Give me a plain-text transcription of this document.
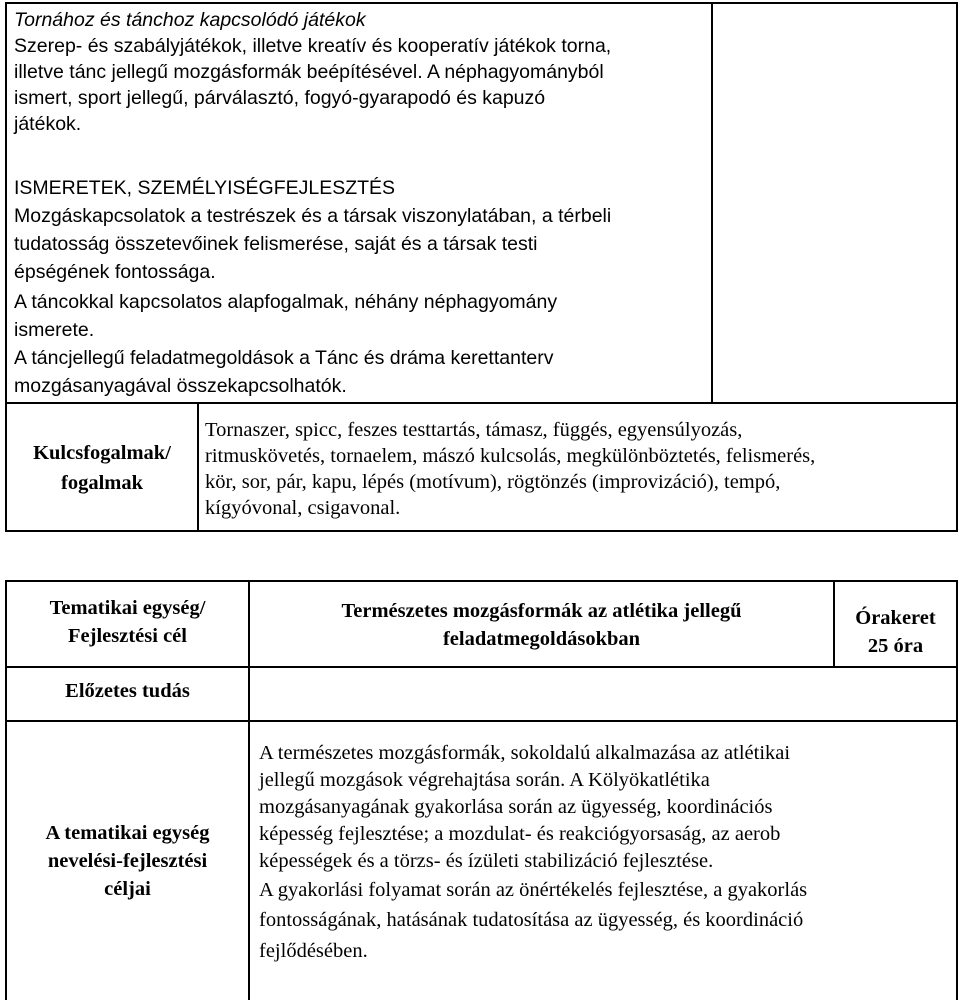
Tornához és tánchoz kapcsolódó játékok
Szerep- és szabályjátékok, illetve kreatív és kooperatív játékok torna,
illetve tánc jellegű mozgásformák beépítésével. A néphagyományból
ismert, sport jellegű, párválasztó, fogyó-gyarapodó és kapuzó
játékok.
ISMERETEK, SZEMÉLYISÉGFEJLESZTÉS
Mozgáskapcsolatok a testrészek és a társak viszonylatában, a térbeli
tudatosság összetevőinek felismerése, saját és a társak testi
épségének fontossága.
A táncokkal kapcsolatos alapfogalmak, néhány néphagyomány
ismerete.
A táncjellegű feladatmegoldások a Tánc és dráma kerettanterv
mozgásanyagával összekapcsolhatók.
Kulcsfogalmak/
fogalmak
Tornaszer, spicc, feszes testtartás, támasz, függés, egyensúlyozás,
ritmuskövetés, tornaelem, mászó kulcsolás, megkülönböztetés, felismerés,
kör, sor, pár, kapu, lépés (motívum), rögtönzés (improvizáció), tempó,
kígyóvonal, csigavonal.
Tematikai egység/
Fejlesztési cél
Természetes mozgásformák az atlétika jellegű
feladatmegoldásokban
Órakeret
25 óra
Előzetes tudás
A tematikai egység
nevelési-fejlesztési
céljai
A természetes mozgásformák, sokoldalú alkalmazása az atlétikai
jellegű mozgások végrehajtása során. A Kölyökatlétika
mozgásanyagának gyakorlása során az ügyesség, koordinációs
képesség fejlesztése; a mozdulat- és reakciógyorsaság, az aerob
képességek és a törzs- és ízületi stabilizáció fejlesztése.
A gyakorlási folyamat során az önértékelés fejlesztése, a gyakorlás
fontosságának, hatásának tudatosítása az ügyesség, és koordináció
fejlődésében.
